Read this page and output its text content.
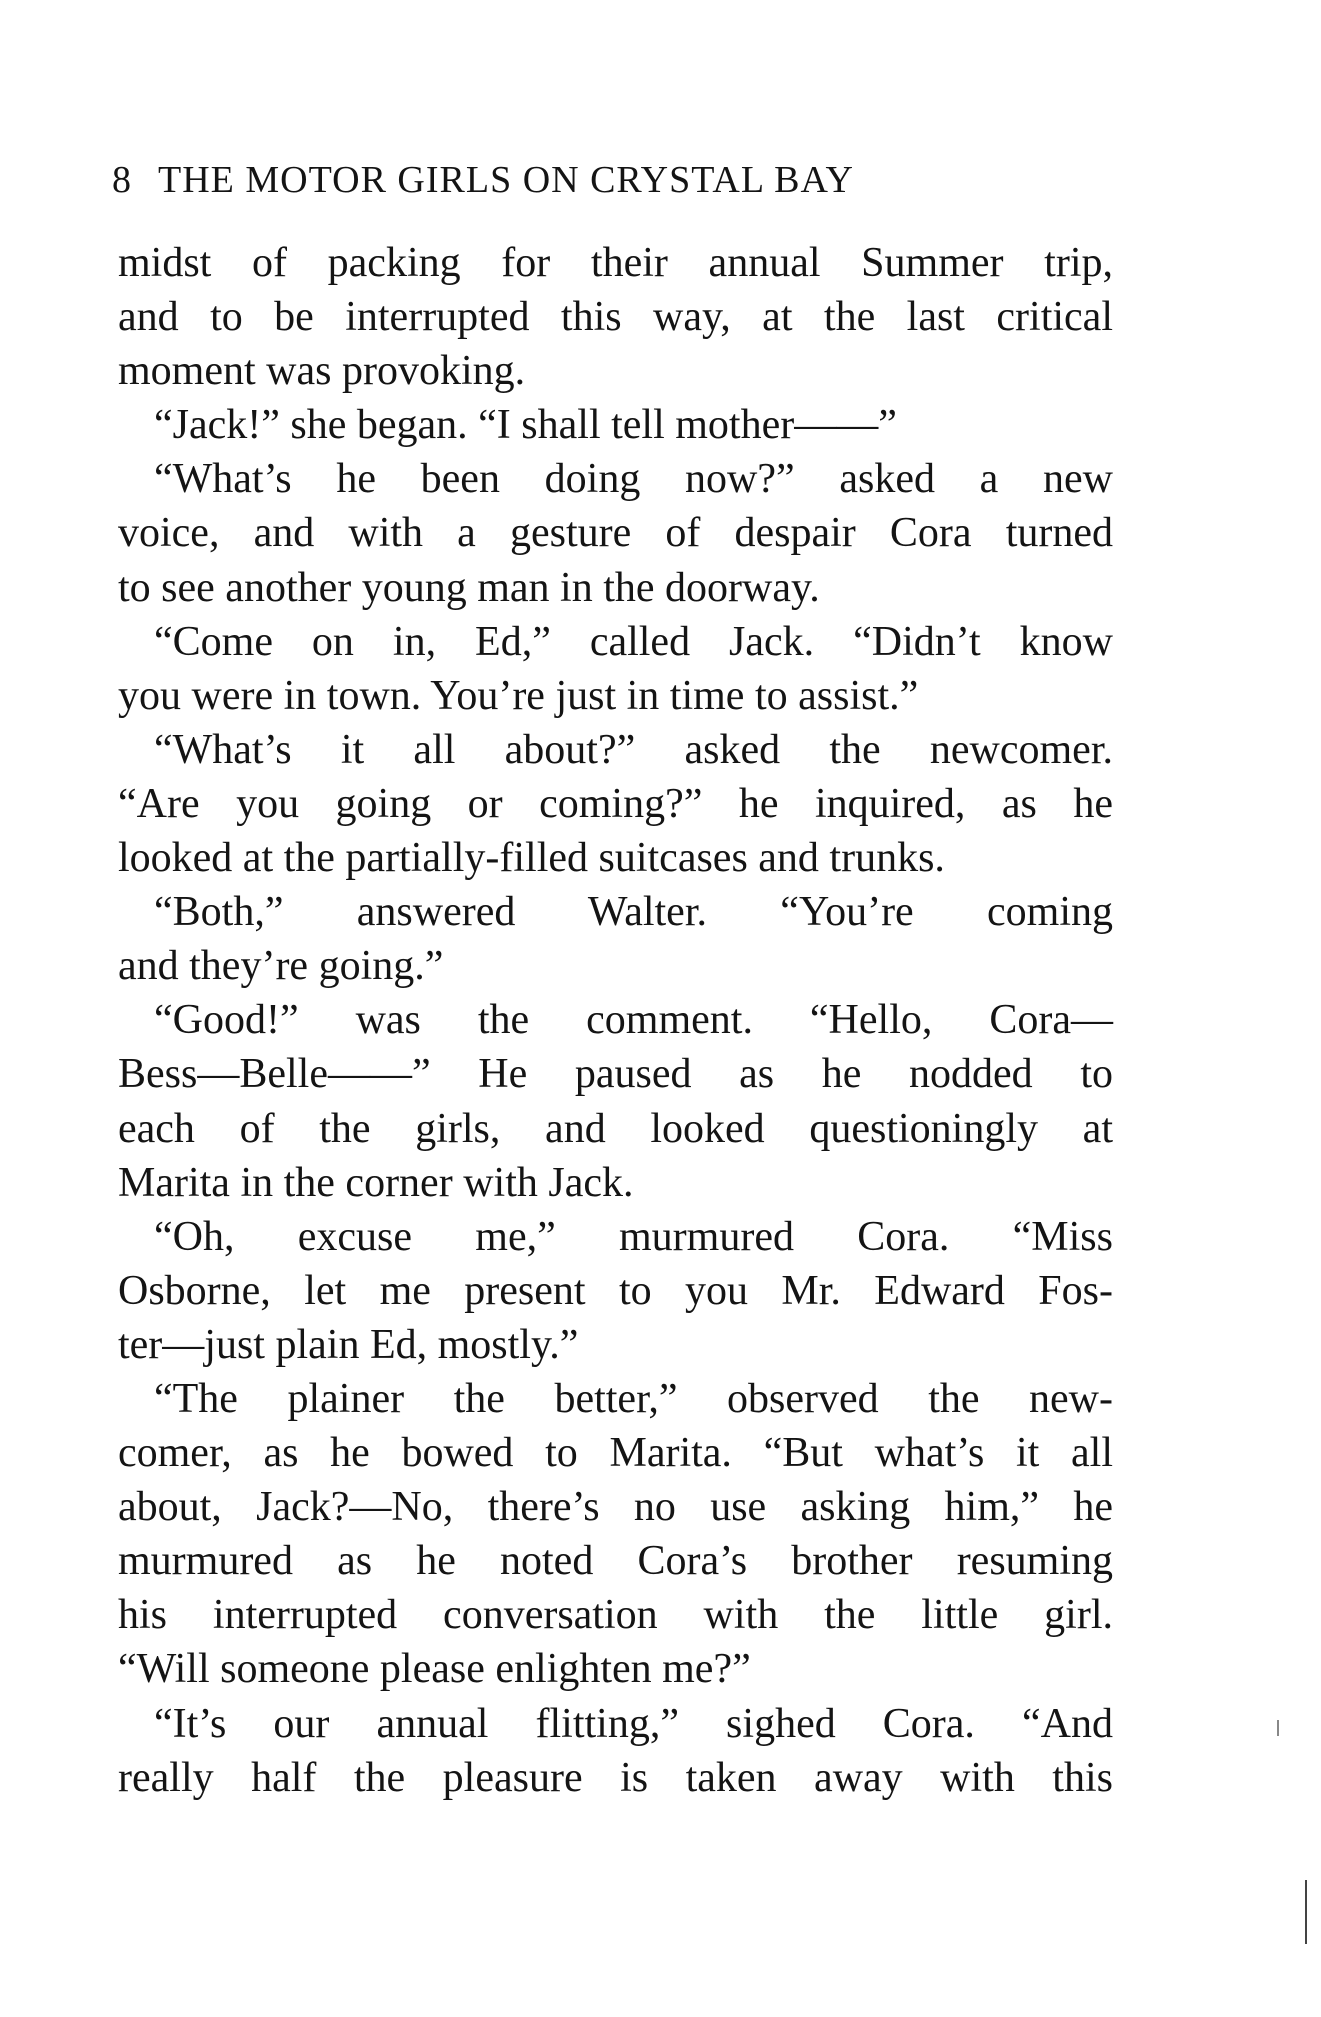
8 THE MOTOR GIRLS ON CRYSTAL BAY
midst of packing for their annual Summer trip,
and to be interrupted this way, at the last critical
moment was provoking.
“Jack!” she began. “I shall tell mother——”
“What’s he been doing now?” asked a new
voice, and with a gesture of despair Cora turned
to see another young man in the doorway.
“Come on in, Ed,” called Jack. “Didn’t know
you were in town. You’re just in time to assist.”
“What’s it all about?” asked the newcomer.
“Are you going or coming?” he inquired, as he
looked at the partially-filled suitcases and trunks.
“Both,” answered Walter. “You’re coming
and they’re going.”
“Good!” was the comment. “Hello, Cora—
Bess—Belle——” He paused as he nodded to
each of the girls, and looked questioningly at
Marita in the corner with Jack.
“Oh, excuse me,” murmured Cora. “Miss
Osborne, let me present to you Mr. Edward Fos-
ter—just plain Ed, mostly.”
“The plainer the better,” observed the new-
comer, as he bowed to Marita. “But what’s it all
about, Jack?—No, there’s no use asking him,” he
murmured as he noted Cora’s brother resuming
his interrupted conversation with the little girl.
“Will someone please enlighten me?”
“It’s our annual flitting,” sighed Cora. “And
really half the pleasure is taken away with this
